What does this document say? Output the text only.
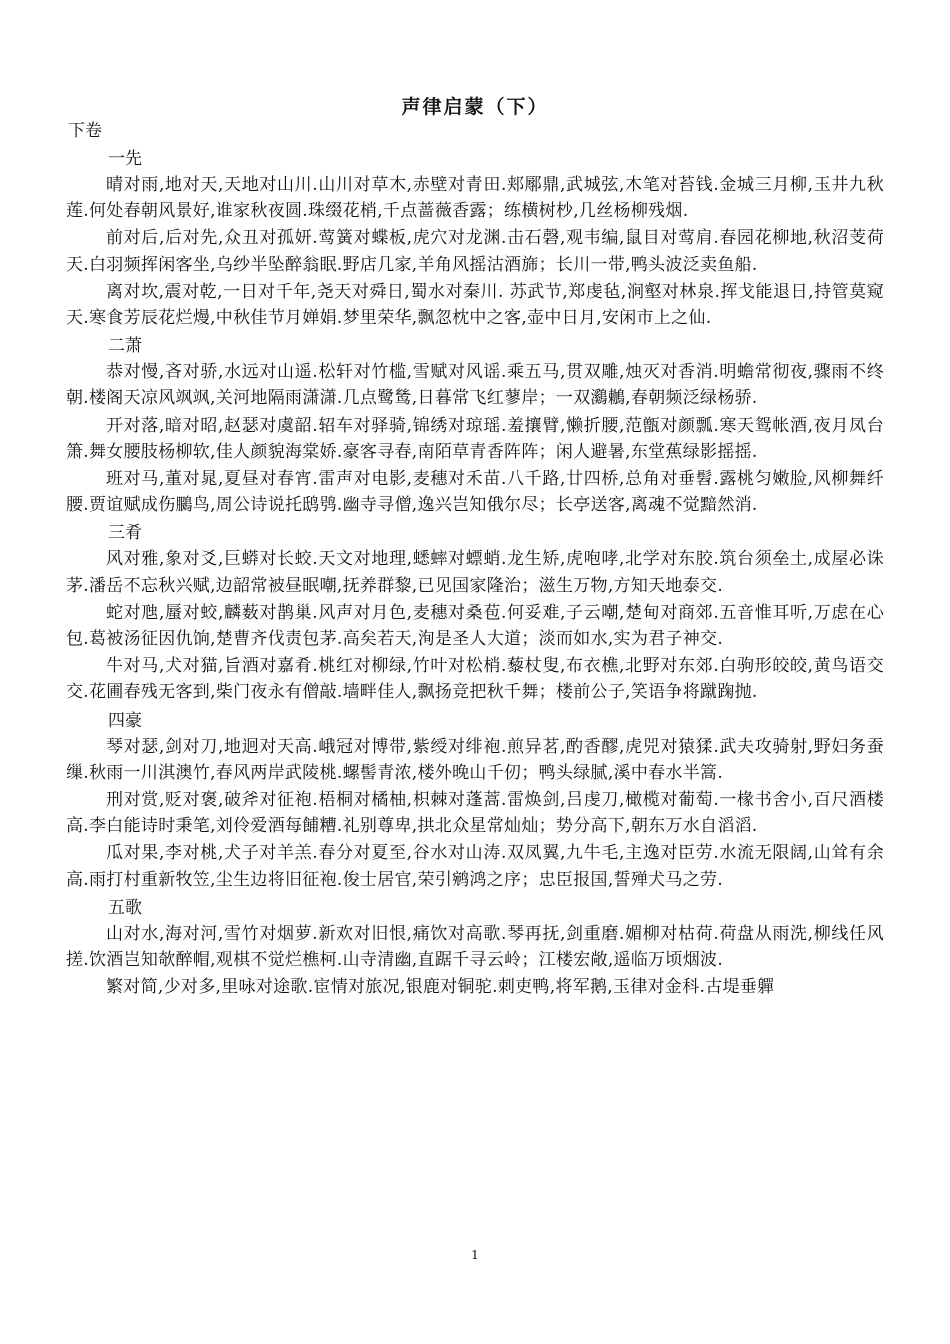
声律启蒙（下）

下卷

一先

晴对雨,地对天,天地对山川.山川对草木,赤壁对青田.郏鄏鼎,武城弦,木笔对苔钱.金城三月柳,玉井九秋莲.何处春朝风景好,谁家秋夜圆.珠缀花梢,千点蔷薇香露；练横树杪,几丝杨柳残烟.

前对后,后对先,众丑对孤妍.莺簧对蝶板,虎穴对龙渊.击石磬,观韦编,鼠目对莺肩.春园花柳地,秋沼芰荷天.白羽频挥闲客坐,乌纱半坠醉翁眠.野店几家,羊角风摇沽酒旆；长川一带,鸭头波泛卖鱼船.

离对坎,震对乾,一日对千年,尧天对舜日,蜀水对秦川. 苏武节,郑虔毡,涧壑对林泉.挥戈能退日,持管莫窥天.寒食芳辰花烂熳,中秋佳节月婵娟.梦里荣华,飘忽枕中之客,壶中日月,安闲市上之仙.

二萧

恭对慢,吝对骄,水远对山遥.松轩对竹槛,雪赋对风谣.乘五马,贯双雕,烛灭对香消.明蟾常彻夜,骤雨不终朝.楼阁天凉风飒飒,关河地隔雨潇潇.几点鹭鸶,日暮常飞红蓼岸；一双鸂鶒,春朝频泛绿杨骄.

开对落,暗对昭,赵瑟对虞韶.轺车对驿骑,锦绣对琼瑶.羞攘臂,懒折腰,范甑对颜瓢.寒天鸳帐酒,夜月凤台箫.舞女腰肢杨柳软,佳人颜貌海棠娇.豪客寻春,南陌草青香阵阵；闲人避暑,东堂蕉绿影摇摇.

班对马,董对晁,夏昼对春宵.雷声对电影,麦穗对禾苗.八千路,廿四桥,总角对垂髫.露桃匀嫩脸,风柳舞纤腰.贾谊赋成伤鵩鸟,周公诗说托鸱鸮.幽寺寻僧,逸兴岂知俄尔尽；长亭送客,离魂不觉黯然消.

三肴

风对雅,象对爻,巨蟒对长蛟.天文对地理,蟋蟀对螵蛸.龙生矫,虎咆哮,北学对东胶.筑台须垒土,成屋必诛茅.潘岳不忘秋兴赋,边韶常被昼眠嘲,抚养群黎,已见国家隆治；滋生万物,方知天地泰交.

蛇对虺,蜃对蛟,麟薮对鹊巢.风声对月色,麦穗对桑苞.何妥难,子云嘲,楚甸对商郊.五音惟耳听,万虑在心包.葛被汤征因仇饷,楚曹齐伐责包茅.高矣若天,洵是圣人大道；淡而如水,实为君子神交.

牛对马,犬对猫,旨酒对嘉肴.桃红对柳绿,竹叶对松梢.藜杖叟,布衣樵,北野对东郊.白驹形皎皎,黄鸟语交交.花圃春残无客到,柴门夜永有僧敲.墙畔佳人,飘扬竞把秋千舞；楼前公子,笑语争将蹴踘抛.

四豪

琴对瑟,剑对刀,地迥对天高.峨冠对博带,紫绶对绯袍.煎异茗,酌香醪,虎兕对猿猱.武夫攻骑射,野妇务蚕缫.秋雨一川淇澳竹,春风两岸武陵桃.螺髻青浓,楼外晚山千仞；鸭头绿腻,溪中春水半篙.

刑对赏,贬对褒,破斧对征袍.梧桐对橘柚,枳棘对蓬蒿.雷焕剑,吕虔刀,橄榄对葡萄.一椽书舍小,百尺酒楼高.李白能诗时秉笔,刘伶爱酒每餔糟.礼别尊卑,拱北众星常灿灿；势分高下,朝东万水自滔滔.

瓜对果,李对桃,犬子对羊羔.春分对夏至,谷水对山涛.双凤翼,九牛毛,主逸对臣劳.水流无限阔,山耸有余高.雨打村重新牧笠,尘生边将旧征袍.俊士居官,荣引鹓鸿之序；忠臣报国,誓殚犬马之劳.

五歌

山对水,海对河,雪竹对烟萝.新欢对旧恨,痛饮对高歌.琴再抚,剑重磨.媚柳对枯荷.荷盘从雨洗,柳线任风搓.饮酒岂知欹醉帽,观棋不觉烂樵柯.山寺清幽,直踞千寻云岭；江楼宏敞,遥临万顷烟波.

繁对简,少对多,里咏对途歌.宦情对旅况,银鹿对铜驼.刺吏鸭,将军鹅,玉律对金科.古堤垂軃

1
